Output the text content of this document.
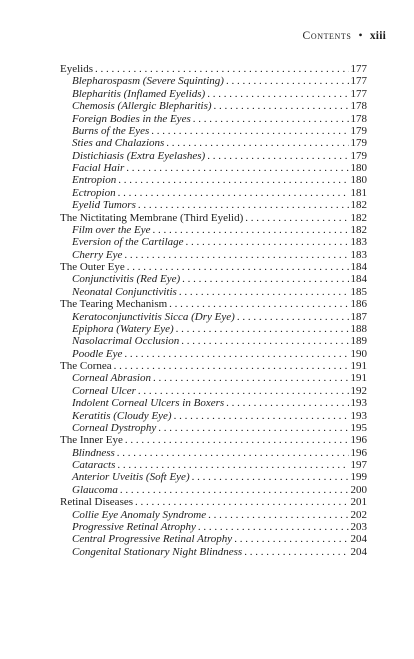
Contents • xiii
Eyelids . . .	177
Blepharospasm (Severe Squinting) . . .	177
Blepharitis (Inflamed Eyelids) . . .	177
Chemosis (Allergic Blepharitis) . . .	178
Foreign Bodies in the Eyes . . .	178
Burns of the Eyes . . .	179
Sties and Chalazions . . .	179
Distichiasis (Extra Eyelashes) . . .	179
Facial Hair . . .	180
Entropion . . .	180
Ectropion . . .	181
Eyelid Tumors . . .	182
The Nictitating Membrane (Third Eyelid) . . .	182
Film over the Eye . . .	182
Eversion of the Cartilage . . .	183
Cherry Eye . . .	183
The Outer Eye . . .	184
Conjunctivitis (Red Eye) . . .	184
Neonatal Conjunctivitis . . .	185
The Tearing Mechanism . . .	186
Keratoconjunctivitis Sicca (Dry Eye) . . .	187
Epiphora (Watery Eye) . . .	188
Nasolacrimal Occlusion . . .	189
Poodle Eye . . .	190
The Cornea . . .	191
Corneal Abrasion . . .	191
Corneal Ulcer . . .	192
Indolent Corneal Ulcers in Boxers . . .	193
Keratitis (Cloudy Eye) . . .	193
Corneal Dystrophy . . .	195
The Inner Eye . . .	196
Blindness . . .	196
Cataracts . . .	197
Anterior Uveitis (Soft Eye) . . .	199
Glaucoma . . .	200
Retinal Diseases . . .	201
Collie Eye Anomaly Syndrome . . .	202
Progressive Retinal Atrophy . . .	203
Central Progressive Retinal Atrophy . . .	204
Congenital Stationary Night Blindness . . .	204
